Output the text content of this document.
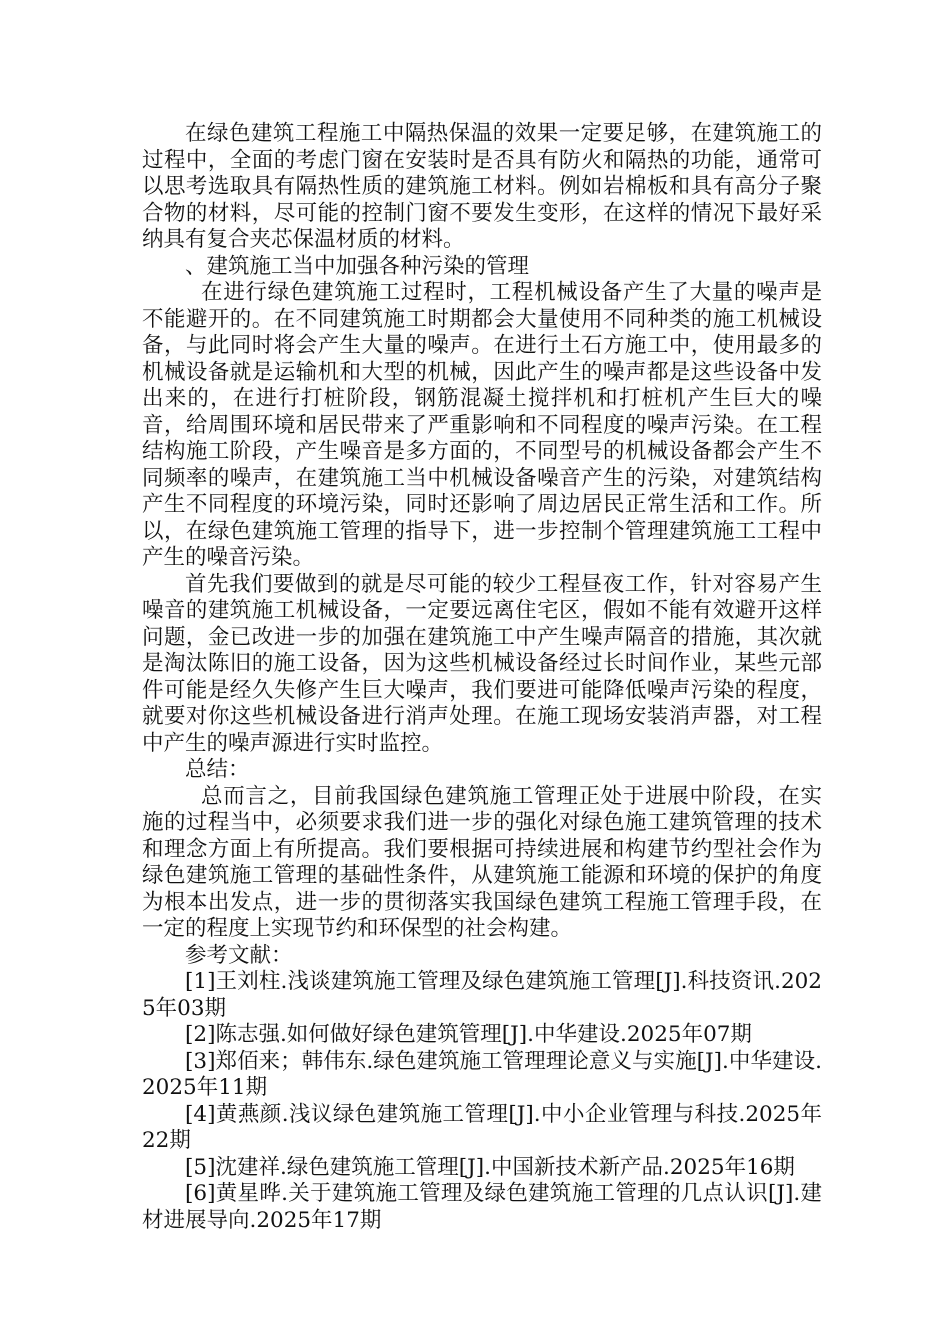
在绿色建筑工程施工中隔热保温的效果一定要足够，在建筑施工的过程中，全面的考虑门窗在安装时是否具有防火和隔热的功能，通常可以思考选取具有隔热性质的建筑施工材料。例如岩棉板和具有高分子聚合物的材料，尽可能的控制门窗不要发生变形，在这样的情况下最好采纳具有复合夹芯保温材质的材料。

、建筑施工当中加强各种污染的管理

在进行绿色建筑施工过程时，工程机械设备产生了大量的噪声是不能避开的。在不同建筑施工时期都会大量使用不同种类的施工机械设备，与此同时将会产生大量的噪声。在进行土石方施工中，使用最多的机械设备就是运输机和大型的机械，因此产生的噪声都是这些设备中发出来的，在进行打桩阶段，钢筋混凝土搅拌机和打桩机产生巨大的噪音，给周围环境和居民带来了严重影响和不同程度的噪声污染。在工程结构施工阶段，产生噪音是多方面的，不同型号的机械设备都会产生不同频率的噪声，在建筑施工当中机械设备噪音产生的污染，对建筑结构产生不同程度的环境污染，同时还影响了周边居民正常生活和工作。所以，在绿色建筑施工管理的指导下，进一步控制个管理建筑施工工程中产生的噪音污染。

首先我们要做到的就是尽可能的较少工程昼夜工作，针对容易产生噪音的建筑施工机械设备，一定要远离住宅区，假如不能有效避开这样问题，金已改进一步的加强在建筑施工中产生噪声隔音的措施，其次就是淘汰陈旧的施工设备，因为这些机械设备经过长时间作业，某些元部件可能是经久失修产生巨大噪声，我们要进可能降低噪声污染的程度，就要对你这些机械设备进行消声处理。在施工现场安装消声器，对工程中产生的噪声源进行实时监控。

总结：

总而言之，目前我国绿色建筑施工管理正处于进展中阶段，在实施的过程当中，必须要求我们进一步的强化对绿色施工建筑管理的技术和理念方面上有所提高。我们要根据可持续进展和构建节约型社会作为绿色建筑施工管理的基础性条件，从建筑施工能源和环境的保护的角度为根本出发点，进一步的贯彻落实我国绿色建筑工程施工管理手段，在一定的程度上实现节约和环保型的社会构建。

参考文献：

[1]王刘柱.浅谈建筑施工管理及绿色建筑施工管理[J].科技资讯.2025年03期

[2]陈志强.如何做好绿色建筑管理[J].中华建设.2025年07期

[3]郑佰来；韩伟东.绿色建筑施工管理理论意义与实施[J].中华建设.2025年11期

[4]黄燕颜.浅议绿色建筑施工管理[J].中小企业管理与科技.2025年22期

[5]沈建祥.绿色建筑施工管理[J].中国新技术新产品.2025年16期

[6]黄星晔.关于建筑施工管理及绿色建筑施工管理的几点认识[J].建材进展导向.2025年17期
